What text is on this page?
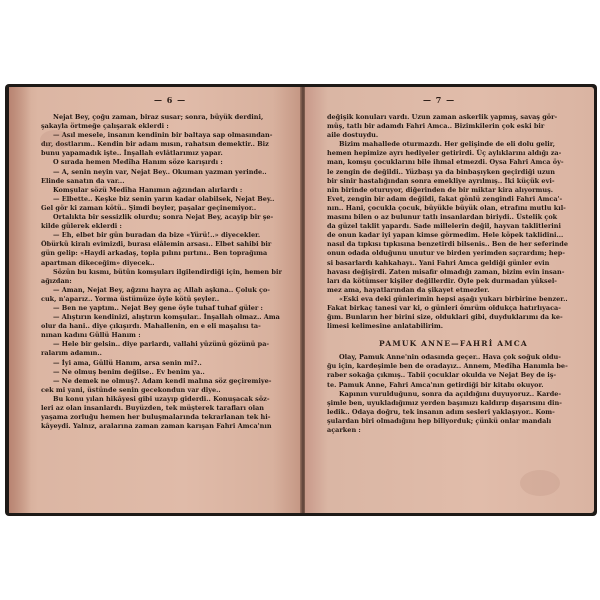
— 6 —
Nejat Bey, çoğu zaman, biraz susar; sonra, büyük derdini,
şakayla örtmeğe çalışarak eklerdi :
— Asıl mesele, insanın kendinin bir baltaya sap olmasından-
dır, dostlarım.. Kendin bir adam mısın, rahatsın demektir.. Biz
bunu yapamadık işte.. İnşallah evlâtlarımız yapar.
O sırada hemen Medîha Hanım söze karışırdı :
— A, senin neyin var, Nejat Bey.. Okuman yazman yerinde..
Elinde sanatın da var...
Komşular sözü Medîha Hanımın ağzından alırlardı :
— Elbette.. Keşke biz senin yarın kadar olabilsek, Nejat Bey..
Gel gör ki zaman kötü.. Şimdi beyler, paşalar geçinemiyor..
Ortalıkta bir sessizlik olurdu; sonra Nejat Bey, acayip bir şe-
kilde gülerek eklerdi :
— Eh, elbet bir gün buradan da bize «Yürü!..» diyecekler.
Öbürkü kiralı evimizdi, burası elâlemin arsası.. Elbet sahibi bir
gün gelip: «Haydi arkadaş, topla pılını pırtını.. Ben toprağıma
apartman dikeceğim» diyecek..
Sözün bu kısmı, bütün komşuları ilgilendirdiği için, hemen bir
ağızdan:
— Aman, Nejat Bey, ağzını hayra aç Allah aşkına.. Çoluk ço-
cuk, n'aparız.. Yorma üstümüze öyle kötü şeyler..
— Ben ne yaptım.. Nejat Bey gene öyle tuhaf tuhaf güler :
— Alıştırın kendinizi, alıştırın komşular.. İnşallah olmaz.. Ama
olur da hani.. diye çıkışırdı. Mahallenin, en e eli maşalısı ta-
nınan kadını Güllü Hanım :
— Hele bir gelsin.. diye parlardı, vallahi yüzünü gözünü pa-
ralarım adamın..
— İyi ama, Güllü Hanım, arsa senin mi?..
— Ne olmuş benim değilse.. Ev benim ya..
— Ne demek ne olmuş?. Adam kendi malına söz geçiremiye-
cek mi yani, üstünde senin gecekondun var diye..
Bu konu yılan hikâyesi gibi uzayıp giderdi.. Konuşacak söz-
leri az olan insanlardı. Buyüzden, tek müşterek tarafları olan
yaşama zorluğu hemen her buluşmalarında tekrarlanan tek hi-
kâyeydi. Yalnız, aralarına zaman zaman karışan Fahri Amca'nın
— 7 —
değişik konuları vardı. Uzun zaman askerlik yapmış, savaş gör-
müş, tatlı bir adamdı Fahri Amca.. Bizimkilerin çok eski bir
aile dostuydu.
Bizim mahallede oturmazdı. Her gelişinde de eli dolu gelir,
hemen hepimize ayrı hediyeler getirirdi. Üç aylıklarını aldığı za-
man, komşu çocuklarını bile ihmal etmezdi. Oysa Fahri Amca öy-
le zengin de değildi.. Yüzbaşı ya da binbaşıyken geçirdiği uzun
bir sinir hastalığından sonra emekliye ayrılmış.. İki küçük evi-
nin birinde oturuyor, diğerinden de bir miktar kira alıyormuş.
Evet, zengin bir adam değildi, fakat gönlü zengindi Fahri Amca'-
nın.. Hani, çocukla çocuk, büyükle büyük olan, etrafını mutlu kıl-
masını bilen o az bulunur tatlı insanlardan biriydi.. Üstelik çok
da güzel taklit yapardı. Sade millelerin değil, hayvan taklitlerini
de onun kadar iyi yapan kimse görmedim. Hele köpek taklidini...
nasıl da tıpkısı tıpkısına benzetirdi bilsenis.. Ben de her seferinde
onun odada olduğunu unutur ve birden yerimden sıçrardım; hep-
si basarlardı kahkahayı.. Yani Fahri Amca geldiği günler evin
havası değişirdi. Zaten misafir olmadığı zaman, bizim evin insan-
ları da kötümser kişiler değillerdir. Öyle pek durmadan yüksel-
mez ama, hayatlarından da şikayet etmezler.
«Eski eva deki günlerimin hepsi aşağı yukarı birbirine benzer..
Fakat birkaç tanesi var ki, o günleri ömrüm oldukça hatırlıyaca-
ğım. Bunların her birini size, olduklari gibi, duyduklarımı da ke-
limesi kelimesine anlatabilirim.
PAMUK ANNE—FAHRİ AMCA
Olay, Pamuk Anne'nin odasında geçer.. Hava çok soğuk oldu-
ğu için, kardeşimle ben de oradayız.. Annem, Medîha Hanımla be-
raber sokağa çıkmış.. Tabii çocuklar okulda ve Nejat Bey de iş-
te. Pamuk Anne, Fahri Amca'nın getirdiği bir kitabı okuyor.
Kapının vurulduğunu, sonra da açıldığını duyuyoruz.. Karde-
şimle ben, uyukladığımız yerden başımızı kaldırıp dışarısını din-
ledik.. Odaya doğru, tek insanın adım sesleri yaklaşıyor.. Kom-
şulardan biri olmadığını hep biliyorduk; çünkü onlar mandalı
açarken :
